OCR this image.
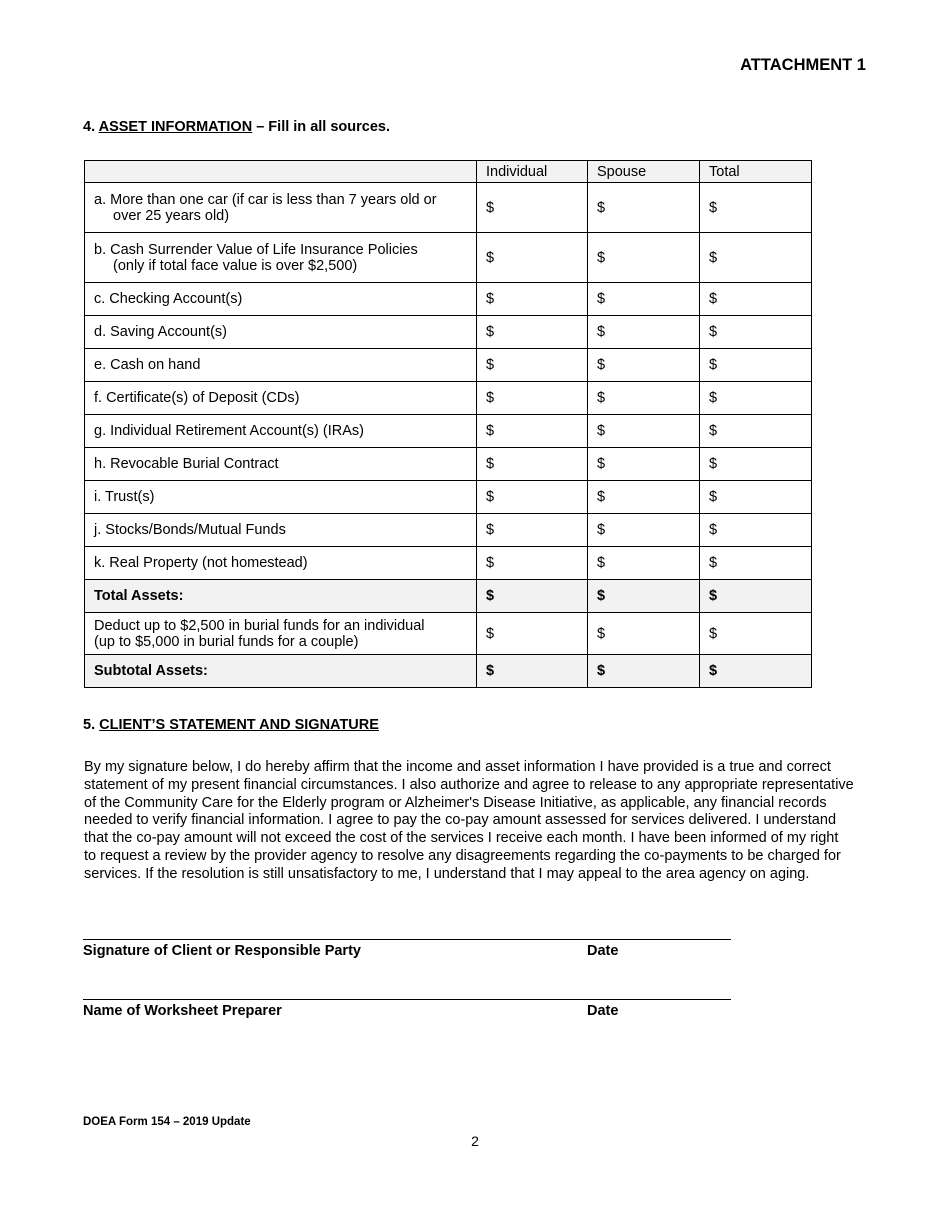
ATTACHMENT 1
4. ASSET INFORMATION – Fill in all sources.
	Individual	Spouse	Total

a. More than one car (if car is less than 7 years old or
over 25 years old)	$	$	$

b. Cash Surrender Value of Life Insurance Policies
(only if total face value is over $2,500)	$	$	$
c. Checking Account(s)	$	$	$
d. Saving Account(s)	$	$	$
e. Cash on hand	$	$	$
f. Certificate(s) of Deposit (CDs)	$	$	$
g. Individual Retirement Account(s) (IRAs)	$	$	$
h. Revocable Burial Contract	$	$	$
i. Trust(s)	$	$	$
j. Stocks/Bonds/Mutual Funds	$	$	$
k. Real Property (not homestead)	$	$	$
Total Assets:	$	$	$

Deduct up to $2,500 in burial funds for an individual
(up to $5,000 in burial funds for a couple)	$	$	$
Subtotal Assets:	$	$	$
5. CLIENT’S STATEMENT AND SIGNATURE
By my signature below, I do hereby affirm that the income and asset information I have provided is a true and correct statement of my present financial circumstances. I also authorize and agree to release to any appropriate representative of the Community Care for the Elderly program or Alzheimer's Disease Initiative, as applicable, any financial records needed to verify financial information. I agree to pay the co-pay amount assessed for services delivered. I understand that the co-pay amount will not exceed the cost of the services I receive each month. I have been informed of my right to request a review by the provider agency to resolve any disagreements regarding the co-payments to be charged for services. If the resolution is still unsatisfactory to me, I understand that I may appeal to the area agency on aging.
Signature of Client or Responsible Party	Date
Name of Worksheet Preparer	Date
DOEA Form 154 – 2019 Update
2
